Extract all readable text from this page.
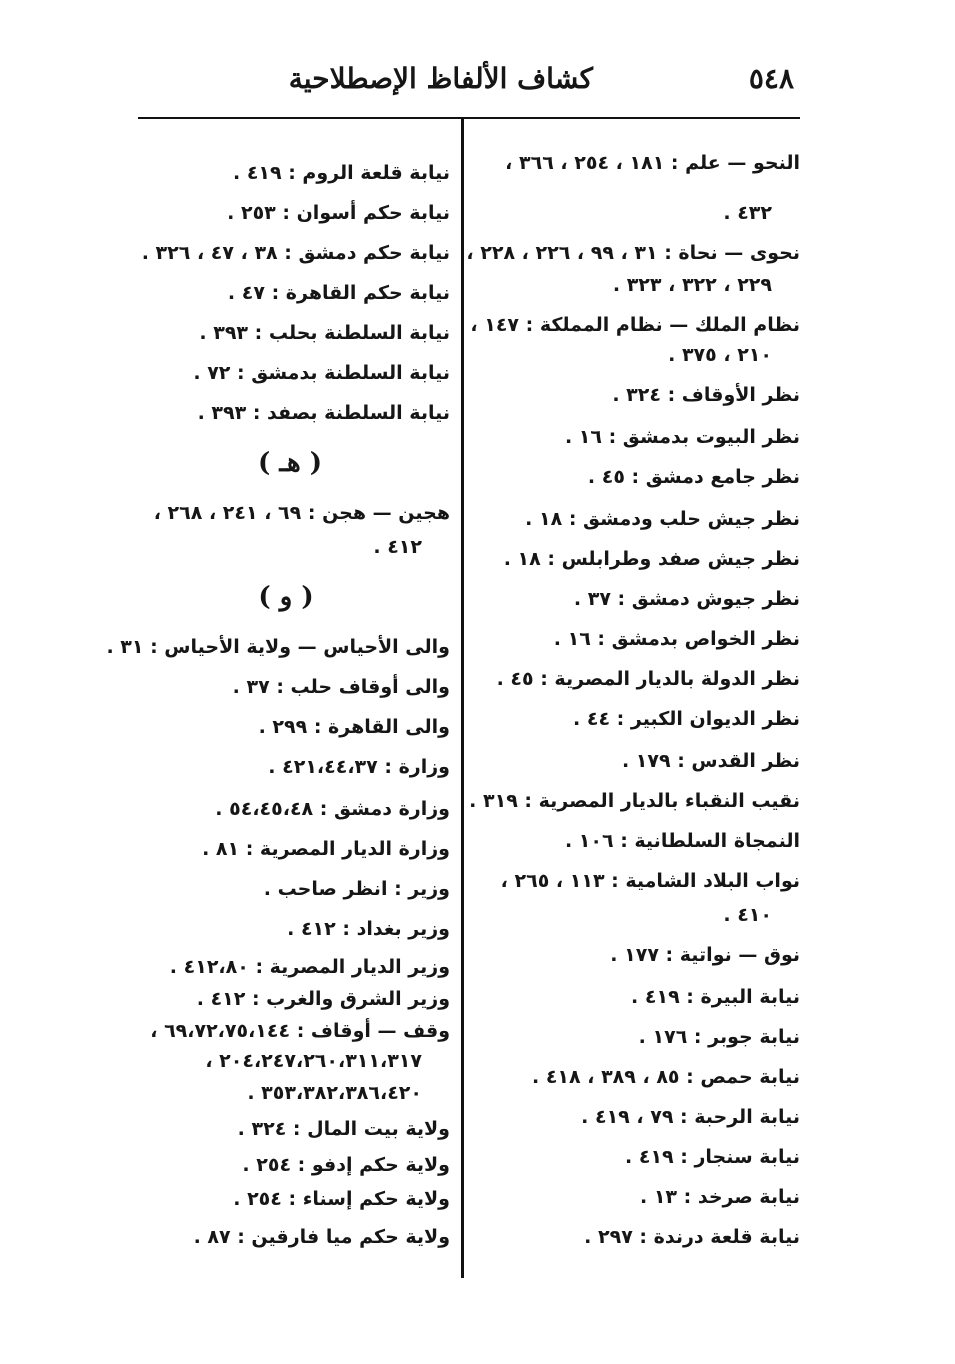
٥٤٨
كشاف الألفاظ الإصطلاحية
النحو — علم : ١٨١ ، ٢٥٤ ، ٣٦٦ ،
٤٣٢ .
نحوى — نحاة : ٣١ ، ٩٩ ، ٢٢٦ ، ٢٢٨ ،
٢٢٩ ، ٣٢٢ ، ٣٢٣ .
نظام الملك — نظام المملكة : ١٤٧ ،
٢١٠ ، ٣٧٥ .
نظر الأوقاف : ٣٢٤ .
نظر البيوت بدمشق : ١٦ .
نظر جامع دمشق : ٤٥ .
نظر جيش حلب ودمشق : ١٨ .
نظر جيش صفد وطرابلس : ١٨ .
نظر جيوش دمشق : ٣٧ .
نظر الخواص بدمشق : ١٦ .
نظر الدولة بالديار المصرية : ٤٥ .
نظر الديوان الكبير : ٤٤ .
نظر القدس : ١٧٩ .
نقيب النقباء بالديار المصرية : ٣١٩ .
النمجاة السلطانية : ١٠٦ .
نواب البلاد الشامية : ١١٣ ، ٢٦٥ ،
٤١٠ .
نوق — نواتية : ١٧٧ .
نيابة البيرة : ٤١٩ .
نيابة جوبر : ١٧٦ .
نيابة حمص : ٨٥ ، ٣٨٩ ، ٤١٨ .
نيابة الرحبة : ٧٩ ، ٤١٩ .
نيابة سنجار : ٤١٩ .
نيابة صرخد : ١٣ .
نيابة قلعة درندة : ٢٩٧ .
نيابة قلعة الروم : ٤١٩ .
نيابة حكم أسوان : ٢٥٣ .
نيابة حكم دمشق : ٣٨ ، ٤٧ ، ٣٢٦ .
نيابة حكم القاهرة : ٤٧ .
نيابة السلطنة بحلب : ٣٩٣ .
نيابة السلطنة بدمشق : ٧٢ .
نيابة السلطنة بصفد : ٣٩٣ .
( هـ )
هجين — هجن : ٦٩ ، ٢٤١ ، ٢٦٨ ،
٤١٢ .
( و )
والى الأحياس — ولاية الأحياس : ٣١ .
والى أوقاف حلب : ٣٧ .
والى القاهرة : ٢٩٩ .
وزارة : ٤٢١،٤٤،٣٧ .
وزارة دمشق : ٥٤،٤٥،٤٨ .
وزارة الديار المصرية : ٨١ .
وزير : انظر صاحب .
وزير بغداد : ٤١٢ .
وزير الديار المصرية : ٤١٢،٨٠ .
وزير الشرق والغرب : ٤١٢ .
وقف — أوقاف : ٦٩،٧٢،٧٥،١٤٤ ،
٢٠٤،٢٤٧،٢٦٠،٣١١،٣١٧ ،
٣٥٣،٣٨٢،٣٨٦،٤٢٠ .
ولاية بيت المال : ٣٢٤ .
ولاية حكم إدفو : ٢٥٤ .
ولاية حكم إسناء : ٢٥٤ .
ولاية حكم ميا فارقين : ٨٧ .
